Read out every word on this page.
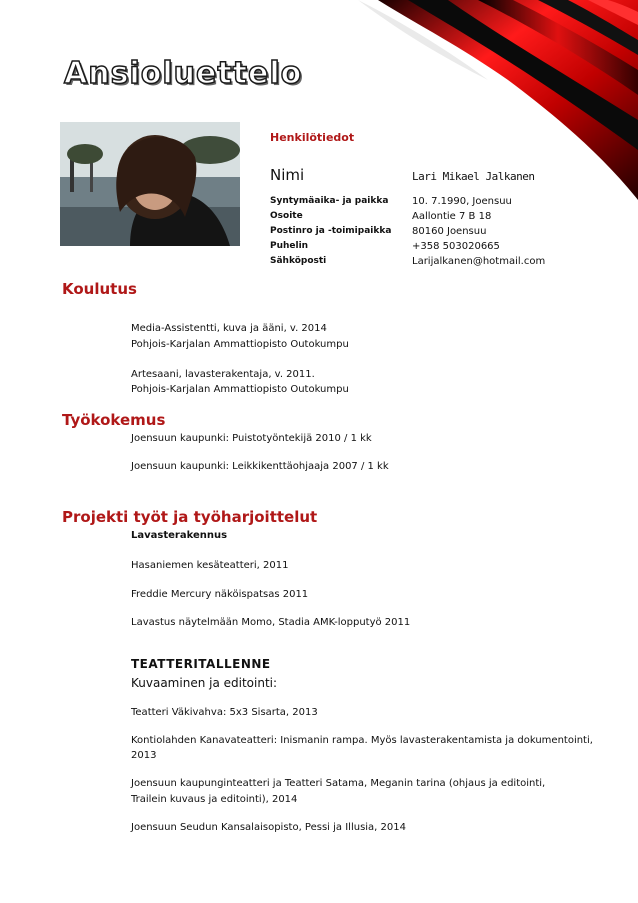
Ansioluettelo
Henkilötiedot
Nimi	Lari Mikael Jalkanen
Syntymäaika- ja paikka 10. 7.1990, Joensuu
Osoite	Aallontie 7 B 18
Postinro ja -toimipaikka 80160 Joensuu
Puhelin	+358 503020665
Sähköposti	Larijalkanen@hotmail.com
Koulutus
Media-Assistentti, kuva ja ääni, v. 2014
Pohjois-Karjalan Ammattiopisto Outokumpu
Artesaani, lavasterakentaja, v. 2011.
Pohjois-Karjalan Ammattiopisto Outokumpu
Työkokemus
Joensuun kaupunki: Puistotyöntekijä 2010 / 1 kk
Joensuun kaupunki: Leikkikenttäohjaaja 2007 / 1 kk
Projekti työt ja työharjoittelut
Lavasterakennus
Hasaniemen kesäteatteri, 2011
Freddie Mercury näköispatsas 2011
Lavastus näytelmään Momo, Stadia AMK-lopputyö 2011
TEATTERITALLENNE
Kuvaaminen ja editointi:
Teatteri Väkivahva: 5x3 Sisarta, 2013
Kontiolahden Kanavateatteri: Inismanin rampa. Myös lavasterakentamista ja dokumentointi,
2013
Joensuun kaupunginteatteri ja Teatteri Satama, Meganin tarina (ohjaus ja editointi,
Trailein kuvaus ja editointi), 2014
Joensuun Seudun Kansalaisopisto, Pessi ja Illusia, 2014
